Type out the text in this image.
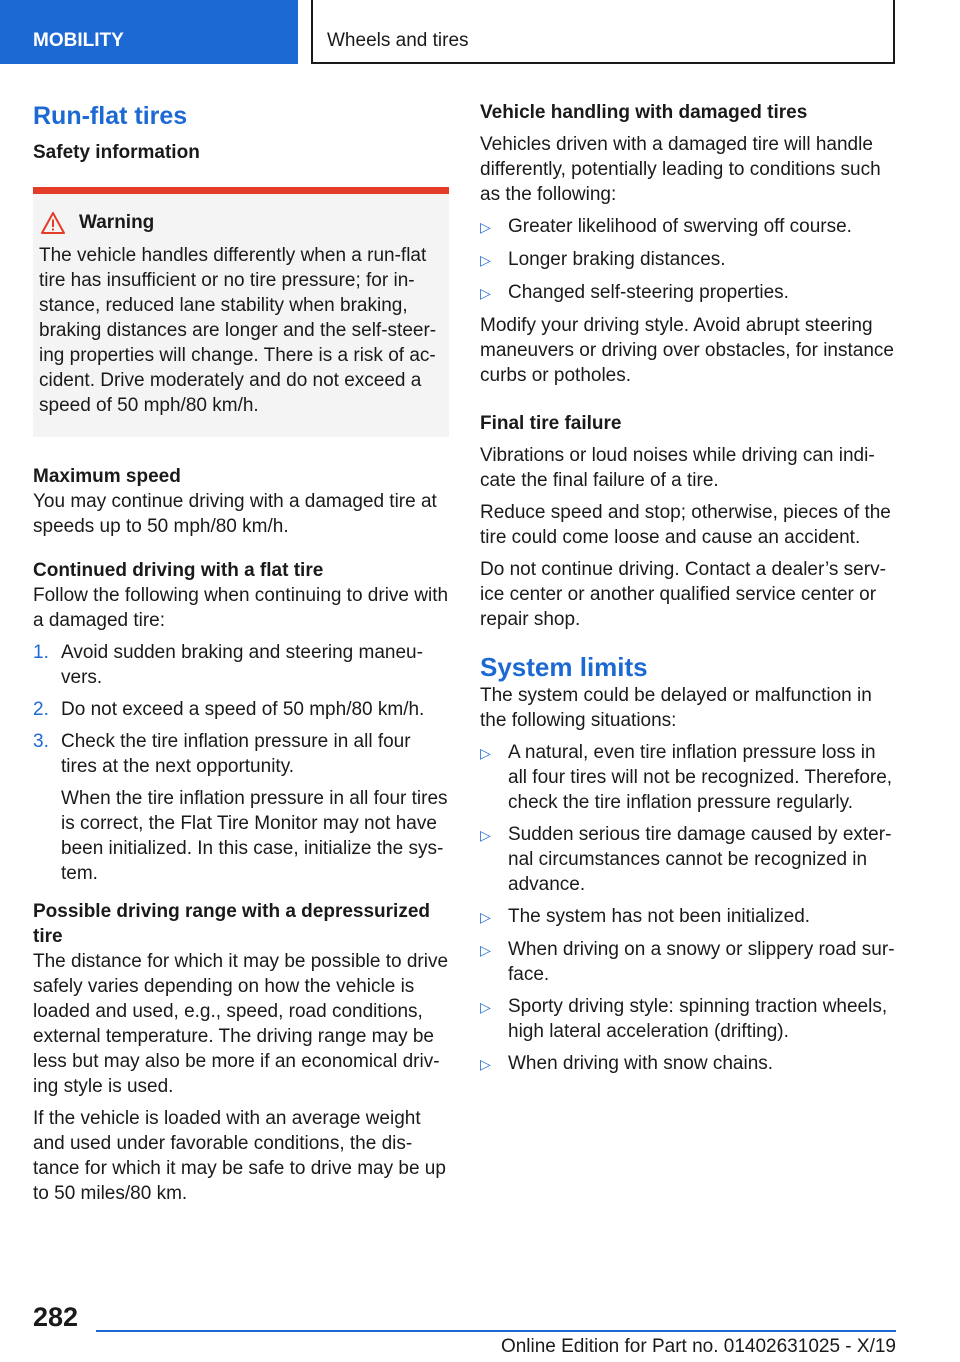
MOBILITY	Wheels and tires
Run-flat tires
Safety information
Warning
The vehicle handles differently when a run-flat tire has insufficient or no tire pressure; for instance, reduced lane stability when braking, braking distances are longer and the self-steering properties will change. There is a risk of accident. Drive moderately and do not exceed a speed of 50 mph/80 km/h.
Maximum speed

You may continue driving with a damaged tire at speeds up to 50 mph/80 km/h.

Continued driving with a flat tire

Follow the following when continuing to drive with a damaged tire:

1. Avoid sudden braking and steering maneuvers.
2. Do not exceed a speed of 50 mph/80 km/h.
3. Check the tire inflation pressure in all four tires at the next opportunity.
When the tire inflation pressure in all four tires is correct, the Flat Tire Monitor may not have been initialized. In this case, initialize the system.
Possible driving range with a depressurized tire

The distance for which it may be possible to drive safely varies depending on how the vehicle is loaded and used, e.g., speed, road conditions, external temperature. The driving range may be less but may also be more if an economical driving style is used.

If the vehicle is loaded with an average weight and used under favorable conditions, the distance for which it may be safe to drive may be up to 50 miles/80 km.

Vehicle handling with damaged tires

Vehicles driven with a damaged tire will handle differently, potentially leading to conditions such as the following:

▷ Greater likelihood of swerving off course.
▷ Longer braking distances.
▷ Changed self-steering properties.

Modify your driving style. Avoid abrupt steering maneuvers or driving over obstacles, for instance curbs or potholes.

Final tire failure

Vibrations or loud noises while driving can indicate the final failure of a tire.

Reduce speed and stop; otherwise, pieces of the tire could come loose and cause an accident.

Do not continue driving. Contact a dealer’s service center or another qualified service center or repair shop.

System limits

The system could be delayed or malfunction in the following situations:

▷ A natural, even tire inflation pressure loss in all four tires will not be recognized. Therefore, check the tire inflation pressure regularly.
▷ Sudden serious tire damage caused by external circumstances cannot be recognized in advance.
▷ The system has not been initialized.
▷ When driving on a snowy or slippery road surface.
▷ Sporty driving style: spinning traction wheels, high lateral acceleration (drifting).
▷ When driving with snow chains.
282
Online Edition for Part no. 01402631025 - X/19
